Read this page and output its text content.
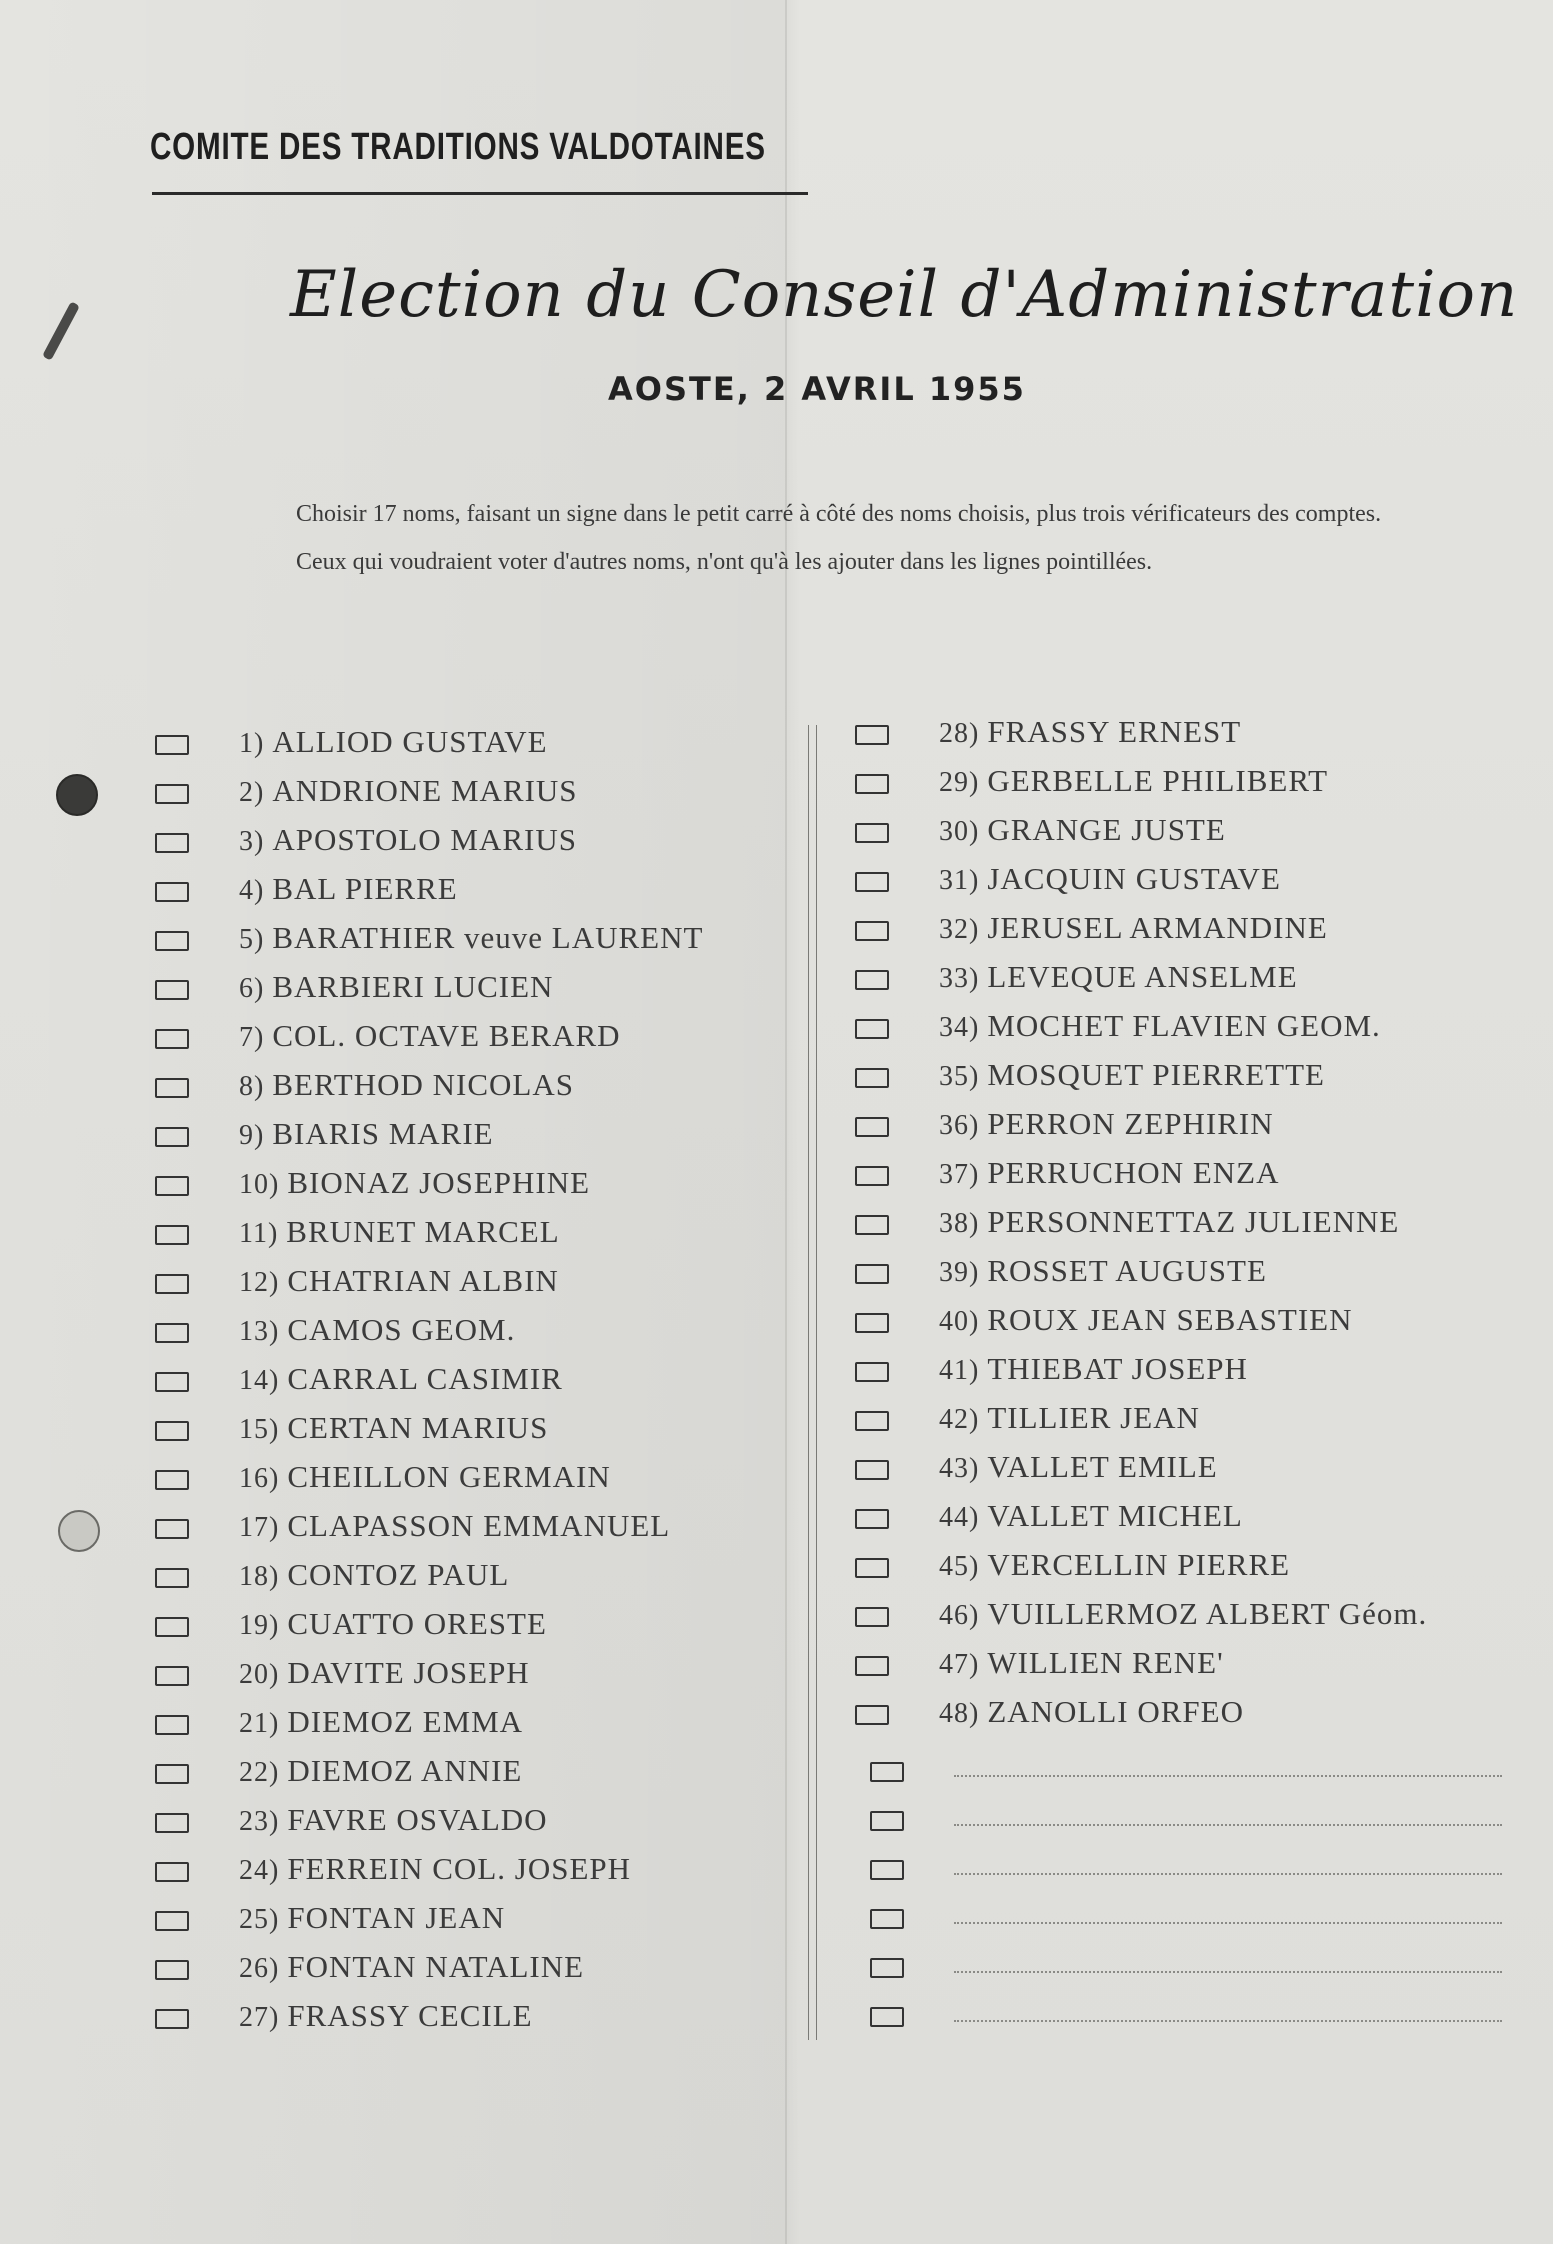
COMITE DES TRADITIONS VALDOTAINES
Election du Conseil d'Administration
AOSTE, 2 AVRIL 1955

Choisir 17 noms, faisant un signe dans le petit carré à côté des noms choisis, plus trois vérificateurs des comptes.

Ceux qui voudraient voter d'autres noms, n'ont qu'à les ajouter dans les lignes pointillées.

1) ALLIOD GUSTAVE
2) ANDRIONE MARIUS
3) APOSTOLO MARIUS
4) BAL PIERRE
5) BARATHIER veuve LAURENT
6) BARBIERI LUCIEN
7) COL. OCTAVE BERARD
8) BERTHOD NICOLAS
9) BIARIS MARIE
10) BIONAZ JOSEPHINE
11) BRUNET MARCEL
12) CHATRIAN ALBIN
13) CAMOS GEOM.
14) CARRAL CASIMIR
15) CERTAN MARIUS
16) CHEILLON GERMAIN
17) CLAPASSON EMMANUEL
18) CONTOZ PAUL
19) CUATTO ORESTE
20) DAVITE JOSEPH
21) DIEMOZ EMMA
22) DIEMOZ ANNIE
23) FAVRE OSVALDO
24) FERREIN COL. JOSEPH
25) FONTAN JEAN
26) FONTAN NATALINE
27) FRASSY CECILE
28) FRASSY ERNEST
29) GERBELLE PHILIBERT
30) GRANGE JUSTE
31) JACQUIN GUSTAVE
32) JERUSEL ARMANDINE
33) LEVEQUE ANSELME
34) MOCHET FLAVIEN GEOM.
35) MOSQUET PIERRETTE
36) PERRON ZEPHIRIN
37) PERRUCHON ENZA
38) PERSONNETTAZ JULIENNE
39) ROSSET AUGUSTE
40) ROUX JEAN SEBASTIEN
41) THIEBAT JOSEPH
42) TILLIER JEAN
43) VALLET EMILE
44) VALLET MICHEL
45) VERCELLIN PIERRE
46) VUILLERMOZ ALBERT Géom.
47) WILLIEN RENE'
48) ZANOLLI ORFEO
